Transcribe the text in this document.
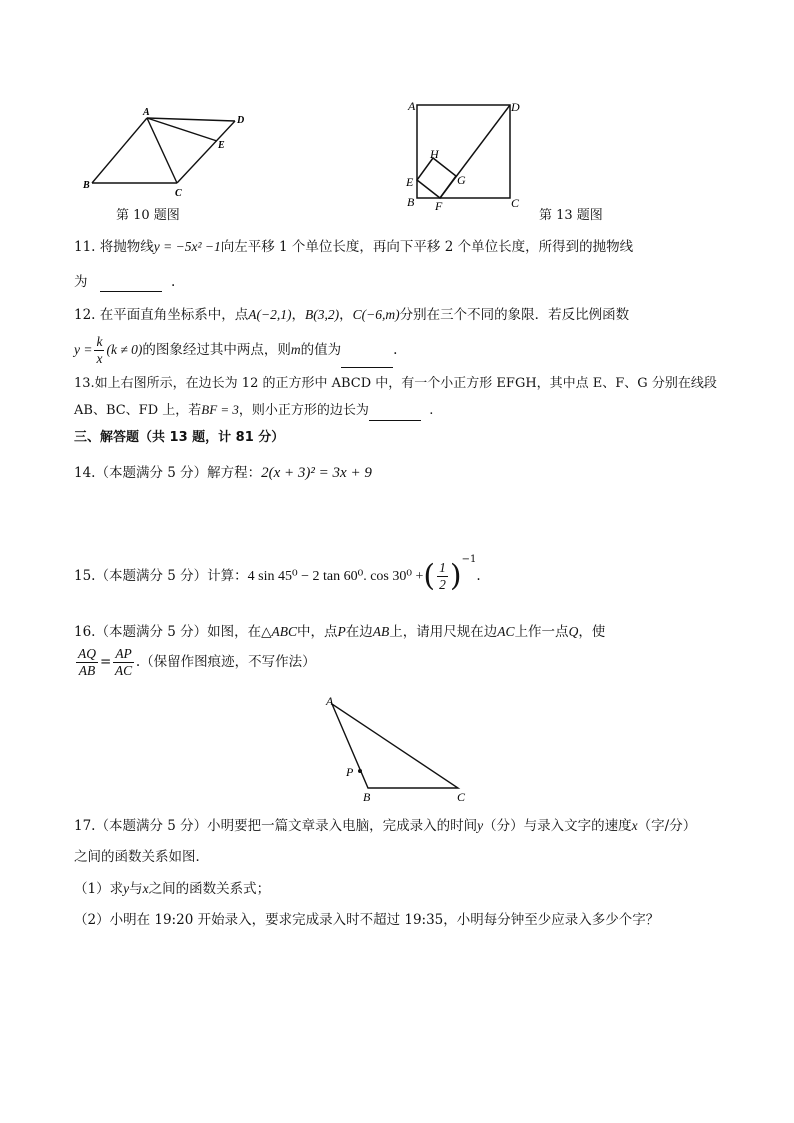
A
B
C
D
E
第 10 题图
A	D
B	C
E
F
G
H
第 13 题图
11. 将抛物线y = −5x² −1向左平移 1 个单位长度，再向下平移 2 个单位长度，所得到的抛物线
为	.
12. 在平面直角坐标系中，点A(−2,1)，B(3,2)，C(−6,m)分别在三个不同的象限．若反比例函数
$y = \frac{k}{x} (k \ne 0)$的图象经过其中两点，则m的值为	.
13.如上右图所示，在边长为 12 的正方形中 ABCD 中，有一个小正方形 EFGH，其中点 E、F、G 分别在线段
AB、BC、FD 上，若BF = 3，则小正方形的边长为	.
三、解答题（共 13 题，计 81 分）
14.（本题满分 5 分）解方程：2(x + 3)² = 3x + 9
15.（本题满分 5 分）计算：4 sin 45⁰ − 2 tan 60⁰. cos 30⁰ +( $\frac{1}{2} )^{-1}$.
16.（本题满分 5 分）如图，在△ABC中，点P在边AB上，请用尺规在边AC上作一点Q，使
$\frac{AQ}{AB} = \frac{AP}{AC}$ .（保留作图痕迹，不写作法）
A
B	C
P
17.（本题满分 5 分）小明要把一篇文章录入电脑，完成录入的时间y（分）与录入文字的速度x（字/分）
之间的函数关系如图．
（1）求y与x之间的函数关系式；
（2）小明在 19:20 开始录入，要求完成录入时不超过 19:35，小明每分钟至少应录入多少个字？
